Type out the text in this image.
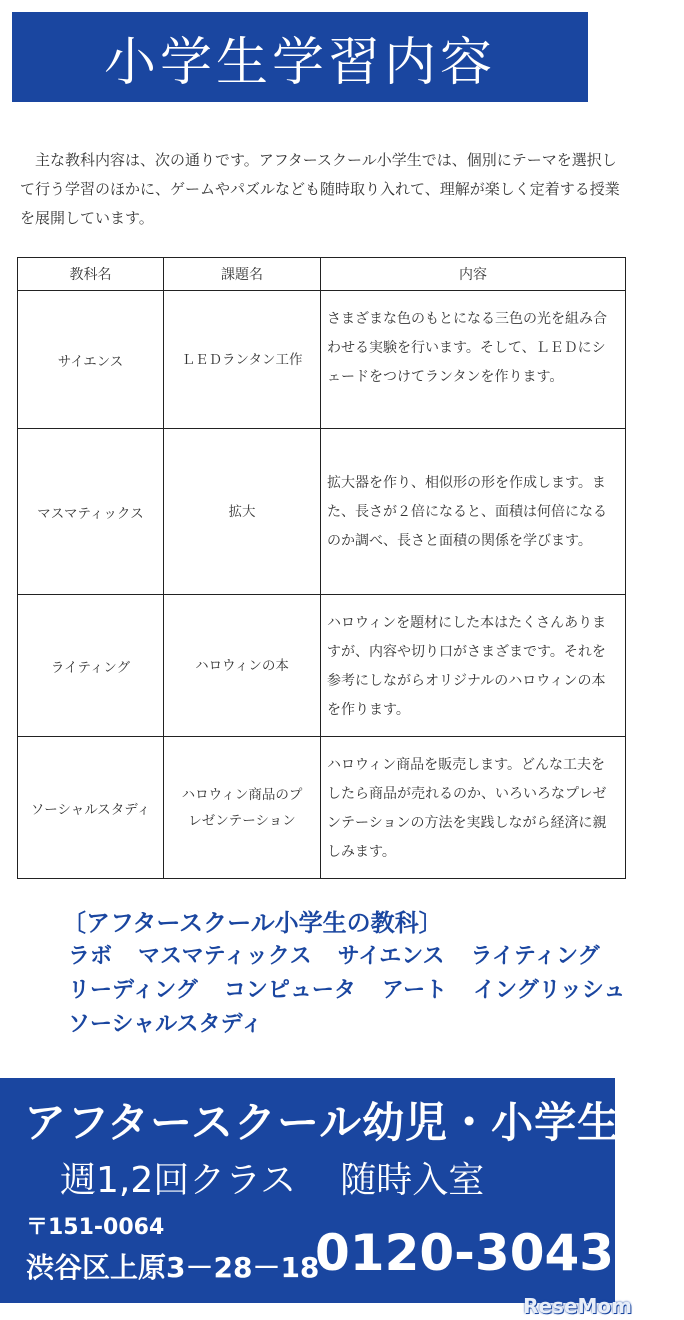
小学生学習内容

主な教科内容は、次の通りです。アフタースクール小学生では、個別にテーマを選択して行う学習のほかに、ゲームやパズルなども随時取り入れて、理解が楽しく定着する授業を展開しています。

教科名	課題名	内容
サイエンス	ＬＥＤランタン工作	さまざまな色のもとになる三色の光を組み合わせる実験を行います。そして、ＬＥＤにシェードをつけてランタンを作ります。
マスマティックス	拡大	拡大器を作り、相似形の形を作成します。また、長さが２倍になると、面積は何倍になるのか調べ、長さと面積の関係を学びます。
ライティング	ハロウィンの本	ハロウィンを題材にした本はたくさんありますが、内容や切り口がさまざまです。それを参考にしながらオリジナルのハロウィンの本を作ります。
ソーシャルスタディ	ハロウィン商品のプレゼンテーション	ハロウィン商品を販売します。どんな工夫をしたら商品が売れるのか、いろいろなプレゼンテーションの方法を実践しながら経済に親しみます。
〔アフタースクール小学生の教科〕
ラボ マスマティックス サイエンス ライティング
リーディング コンピュータ アート イングリッシュ
ソーシャルスタディ
アフタースクール幼児・小学生
週1,2回クラス 随時入室
〒151-0064
渋谷区上原3－28－18
0120-304301
ReseMom
